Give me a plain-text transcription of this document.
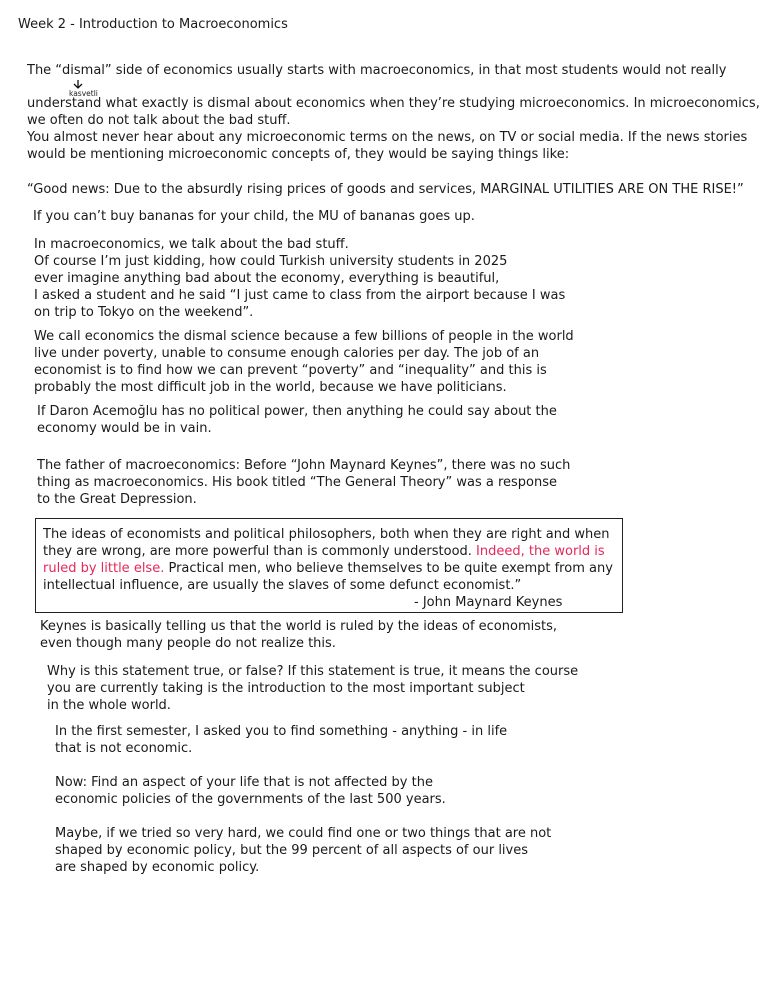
Week 2 - Introduction to Macroeconomics

The “dismal” side of economics usually starts with macroeconomics, in that most students would not really

kasvetli

understand what exactly is dismal about economics when they’re studying microeconomics. In microeconomics,

we often do not talk about the bad stuff.

You almost never hear about any microeconomic terms on the news, on TV or social media. If the news stories

would be mentioning microeconomic concepts of, they would be saying things like:

“Good news: Due to the absurdly rising prices of goods and services, MARGINAL UTILITIES ARE ON THE RISE!”

If you can’t buy bananas for your child, the MU of bananas goes up.

In macroeconomics, we talk about the bad stuff.

Of course I’m just kidding, how could Turkish university students in 2025

ever imagine anything bad about the economy, everything is beautiful,

I asked a student and he said “I just came to class from the airport because I was

on trip to Tokyo on the weekend”.

We call economics the dismal science because a few billions of people in the world

live under poverty, unable to consume enough calories per day. The job of an

economist is to find how we can prevent “poverty” and “inequality” and this is

probably the most difficult job in the world, because we have politicians.

If Daron Acemoğlu has no political power, then anything he could say about the

economy would be in vain.

The father of macroeconomics: Before “John Maynard Keynes”, there was no such

thing as macroeconomics. His book titled “The General Theory” was a response

to the Great Depression.

The ideas of economists and political philosophers, both when they are right and when

they are wrong, are more powerful than is commonly understood. Indeed, the world is

ruled by little else. Practical men, who believe themselves to be quite exempt from any

intellectual influence, are usually the slaves of some defunct economist.”

- John Maynard Keynes

Keynes is basically telling us that the world is ruled by the ideas of economists,

even though many people do not realize this.

Why is this statement true, or false? If this statement is true, it means the course

you are currently taking is the introduction to the most important subject

in the whole world.

In the first semester, I asked you to find something - anything - in life

that is not economic.

Now: Find an aspect of your life that is not affected by the

economic policies of the governments of the last 500 years.

Maybe, if we tried so very hard, we could find one or two things that are not

shaped by economic policy, but the 99 percent of all aspects of our lives

are shaped by economic policy.
